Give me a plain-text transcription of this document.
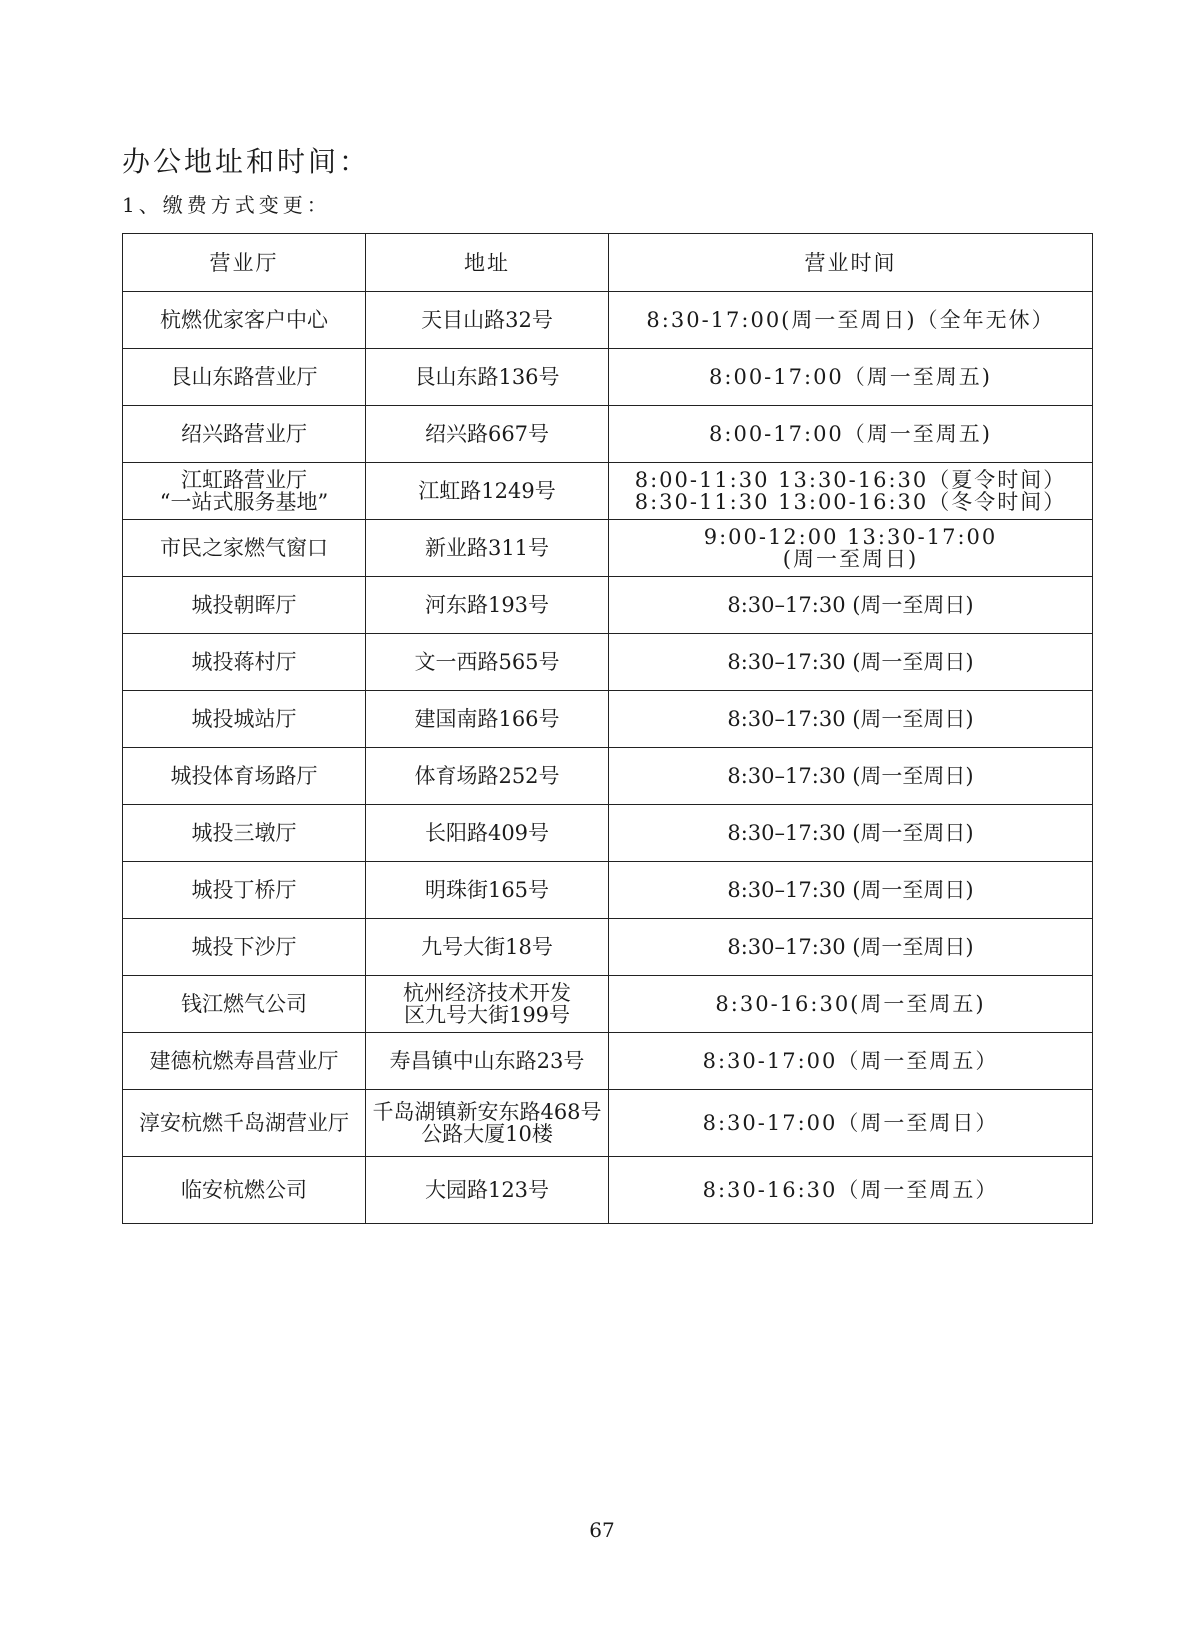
办公地址和时间：
1、缴费方式变更：
营业厅	地址	营业时间

杭燃优家客户中心	天目山路32号	8:30-17:00(周一至周日)（全年无休）

艮山东路营业厅	艮山东路136号	8:00-17:00（周一至周五)

绍兴路营业厅	绍兴路667号	8:00-17:00（周一至周五)

江虹路营业厅
“一站式服务基地”	江虹路1249号	8:00-11:30 13:30-16:30（夏令时间）
8:30-11:30 13:00-16:30（冬令时间）

市民之家燃气窗口	新业路311号	9:00-12:00 13:30-17:00
(周一至周日)

城投朝晖厅	河东路193号	8:30–17:30 (周一至周日)

城投蒋村厅	文一西路565号	8:30–17:30 (周一至周日)

城投城站厅	建国南路166号	8:30–17:30 (周一至周日)

城投体育场路厅	体育场路252号	8:30–17:30 (周一至周日)

城投三墩厅	长阳路409号	8:30–17:30 (周一至周日)

城投丁桥厅	明珠街165号	8:30–17:30 (周一至周日)

城投下沙厅	九号大街18号	8:30–17:30 (周一至周日)

钱江燃气公司	杭州经济技术开发
区九号大街199号	8:30-16:30(周一至周五)

建德杭燃寿昌营业厅	寿昌镇中山东路23号	8:30-17:00（周一至周五）

淳安杭燃千岛湖营业厅	千岛湖镇新安东路468号
公路大厦10楼	8:30-17:00（周一至周日）

临安杭燃公司	大园路123号	8:30-16:30（周一至周五）
67
